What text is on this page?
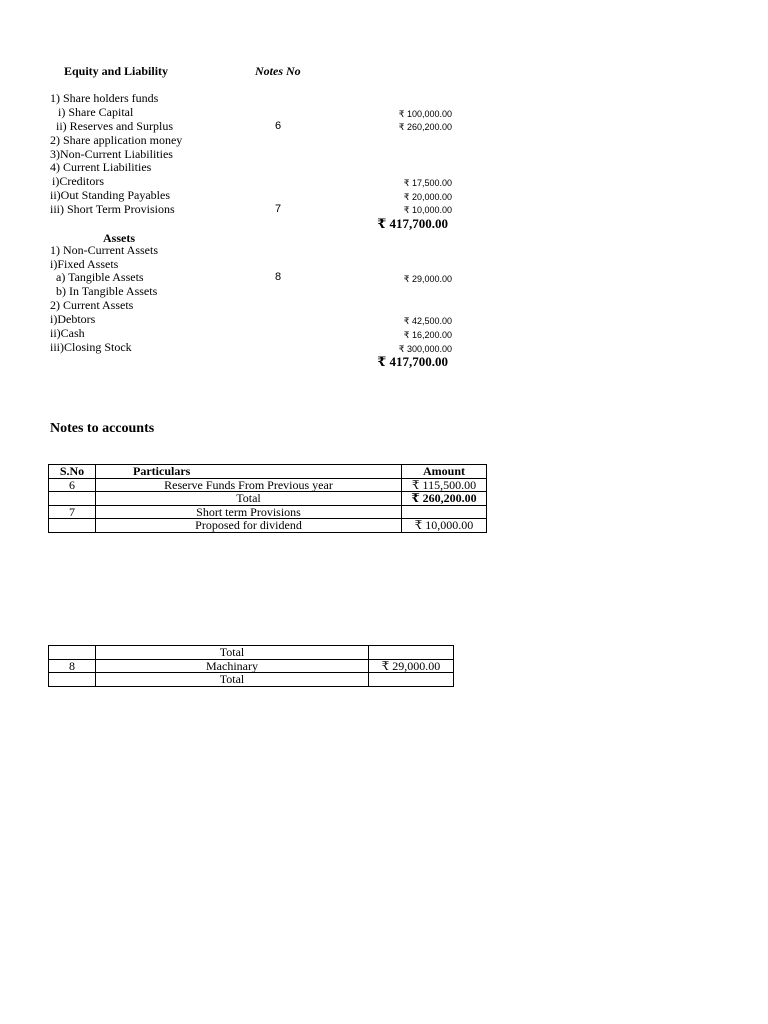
Equity and Liability	Notes No
1) Share holders funds
i) Share Capital	₹ 100,000.00
ii) Reserves and Surplus	6	₹ 260,200.00
2) Share application money
3)Non-Current Liabilities
4) Current Liabilities
i)Creditors	₹ 17,500.00
ii)Out Standing Payables	₹ 20,000.00
iii) Short Term Provisions	7	₹ 10,000.00
₹ 417,700.00
Assets
1) Non-Current Assets
i)Fixed Assets
a) Tangible Assets	8	₹ 29,000.00
b) In Tangible Assets
2) Current Assets
i)Debtors	₹ 42,500.00
ii)Cash	₹ 16,200.00
iii)Closing Stock	₹ 300,000.00
₹ 417,700.00
Notes to accounts
S.No	Particulars	Amount
6	Reserve Funds From Previous year	₹ 115,500.00
	Total	₹ 260,200.00
7	Short term Provisions	
	Proposed for dividend	₹ 10,000.00
	Total	
8	Machinary	₹ 29,000.00
	Total	
